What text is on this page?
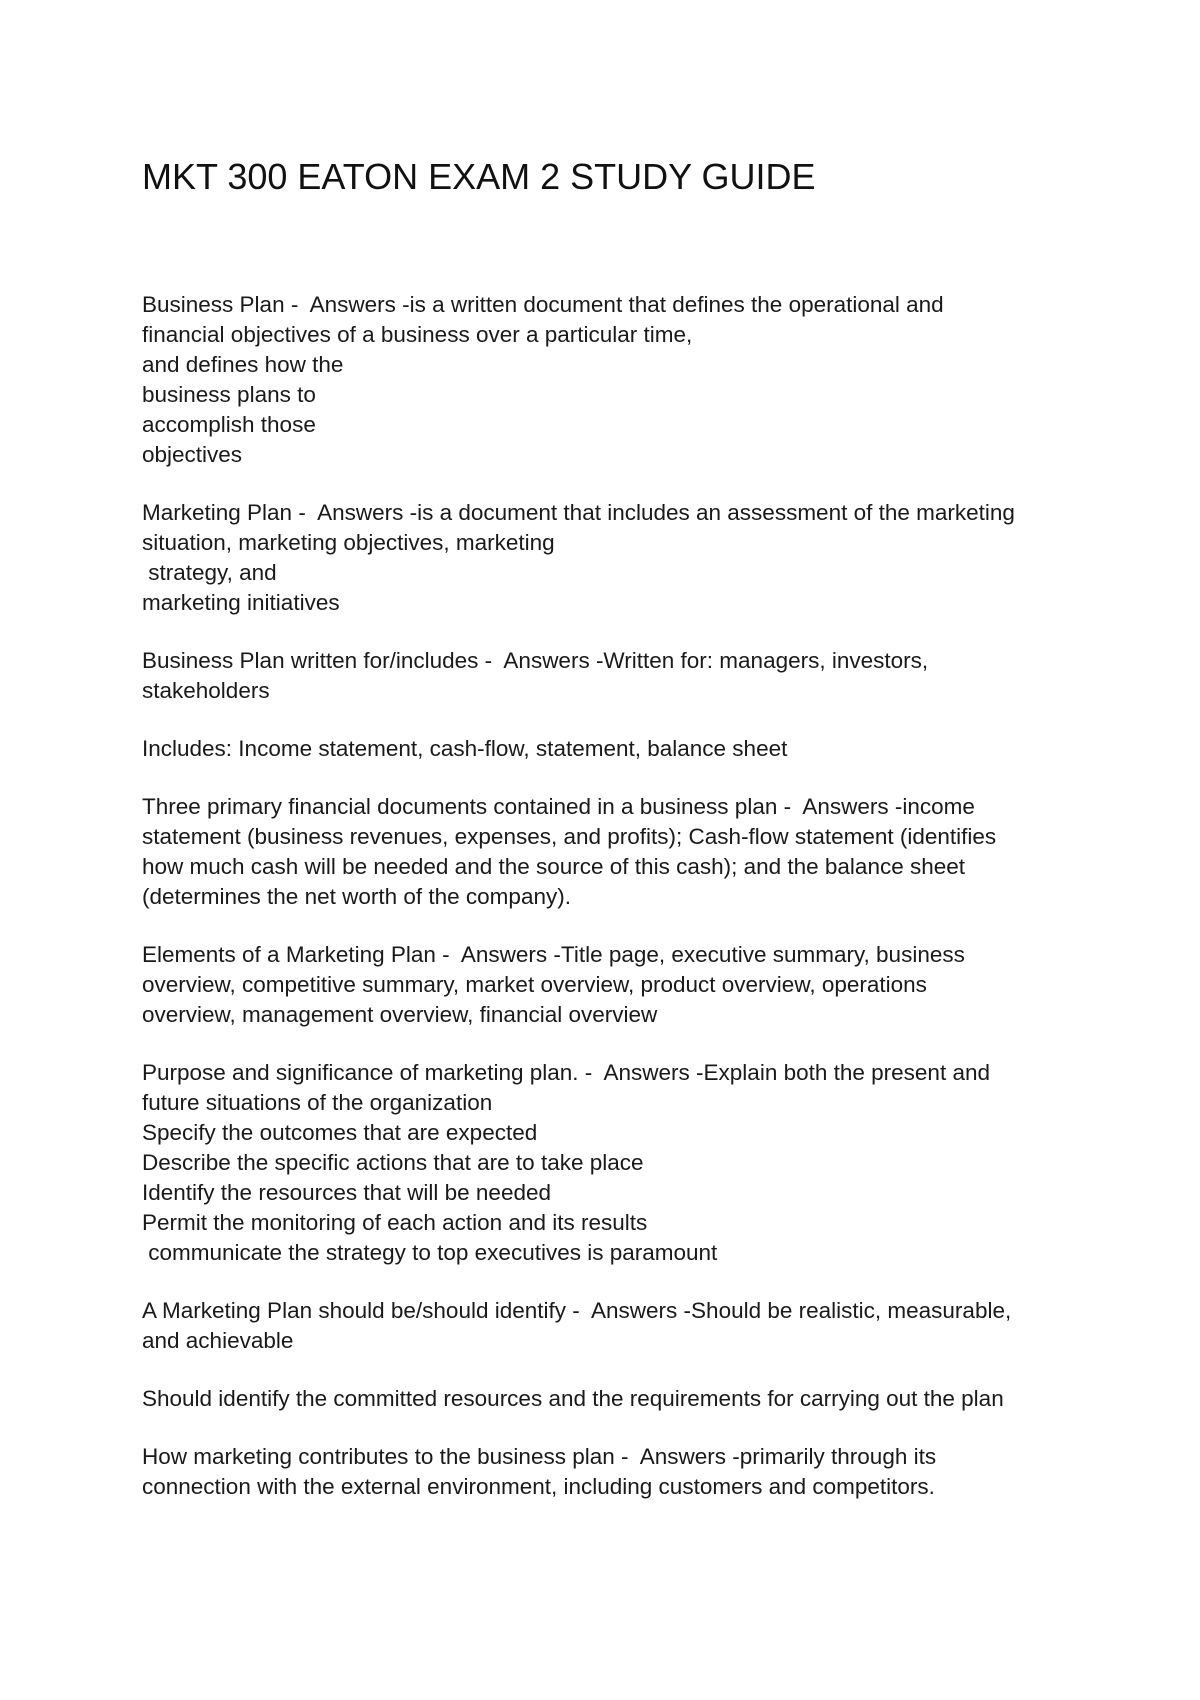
MKT 300 EATON EXAM 2 STUDY GUIDE

Business Plan -  Answers -is a written document that defines the operational and
financial objectives of a business over a particular time,
and defines how the
business plans to
accomplish those
objectives

Marketing Plan -  Answers -is a document that includes an assessment of the marketing
situation, marketing objectives, marketing
strategy, and
marketing initiatives

Business Plan written for/includes -  Answers -Written for: managers, investors,
stakeholders

Includes: Income statement, cash-flow, statement, balance sheet

Three primary financial documents contained in a business plan -  Answers -income
statement (business revenues, expenses, and profits); Cash-flow statement (identifies
how much cash will be needed and the source of this cash); and the balance sheet
(determines the net worth of the company).

Elements of a Marketing Plan -  Answers -Title page, executive summary, business
overview, competitive summary, market overview, product overview, operations
overview, management overview, financial overview

Purpose and significance of marketing plan. -  Answers -Explain both the present and
future situations of the organization
Specify the outcomes that are expected
Describe the specific actions that are to take place
Identify the resources that will be needed
Permit the monitoring of each action and its results
communicate the strategy to top executives is paramount

A Marketing Plan should be/should identify -  Answers -Should be realistic, measurable,
and achievable

Should identify the committed resources and the requirements for carrying out the plan

How marketing contributes to the business plan -  Answers -primarily through its
connection with the external environment, including customers and competitors.
